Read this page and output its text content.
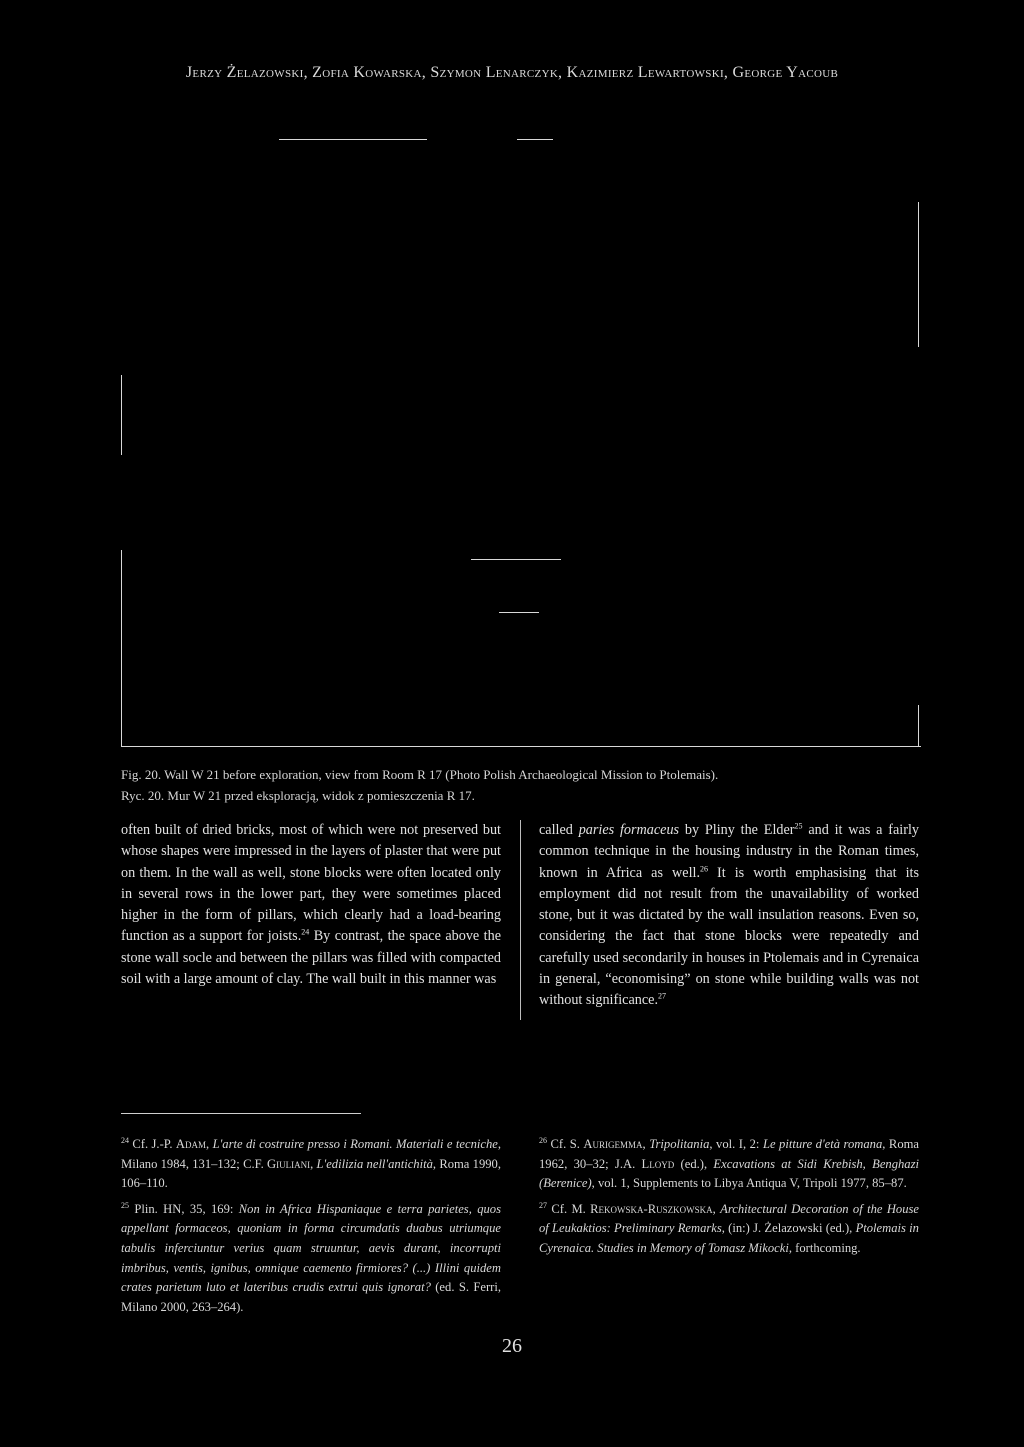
Jerzy Żelazowski, Zofia Kowarska, Szymon Lenarczyk, Kazimierz Lewartowski, George Yacoub
Fig. 20. Wall W 21 before exploration, view from Room R 17 (Photo Polish Archaeological Mission to Ptolemais).
Ryc. 20. Mur W 21 przed eksploracją, widok z pomieszczenia R 17.

often built of dried bricks, most of which were not preserved but whose shapes were impressed in the layers of plaster that were put on them. In the wall as well, stone blocks were often located only in several rows in the lower part, they were sometimes placed higher in the form of pillars, which clearly had a load-bearing function as a support for joists.$^{24}$ By contrast, the space above the stone wall socle and between the pillars was filled with compacted soil with a large amount of clay. The wall built in this manner was

called paries formaceus by Pliny the Elder$^{25}$ and it was a fairly common technique in the housing industry in the Roman times, known in Africa as well.$^{26}$ It is worth emphasising that its employment did not result from the unavailability of worked stone, but it was dictated by the wall insulation reasons. Even so, considering the fact that stone blocks were repeatedly and carefully used secondarily in houses in Ptolemais and in Cyrenaica in general, “economising” on stone while building walls was not without significance.$^{27}$

$^{24}$ Cf. J.-P. Adam, L'arte di costruire presso i Romani. Materiali e tecniche, Milano 1984, 131–132; C.F. Giuliani, L'edilizia nell'antichità, Roma 1990, 106–110.

$^{25}$ Plin. HN, 35, 169: Non in Africa Hispaniaque e terra parietes, quos appellant formaceos, quoniam in forma circumdatis duabus utriumque tabulis inferciuntur verius quam struuntur, aevis durant, incorrupti imbribus, ventis, ignibus, omnique caemento firmiores? (...) Illini quidem crates parietum luto et lateribus crudis extrui quis ignorat? (ed. S. Ferri, Milano 2000, 263–264).

$^{26}$ Cf. S. Aurigemma, Tripolitania, vol. I, 2: Le pitture d'età romana, Roma 1962, 30–32; J.A. Lloyd (ed.), Excavations at Sidi Krebish, Benghazi (Berenice), vol. 1, Supplements to Libya Antiqua V, Tripoli 1977, 85–87.

$^{27}$ Cf. M. Rekowska-Ruszkowska, Architectural Decoration of the House of Leukaktios: Preliminary Remarks, (in:) J. Żelazowski (ed.), Ptolemais in Cyrenaica. Studies in Memory of Tomasz Mikocki, forthcoming.

26
